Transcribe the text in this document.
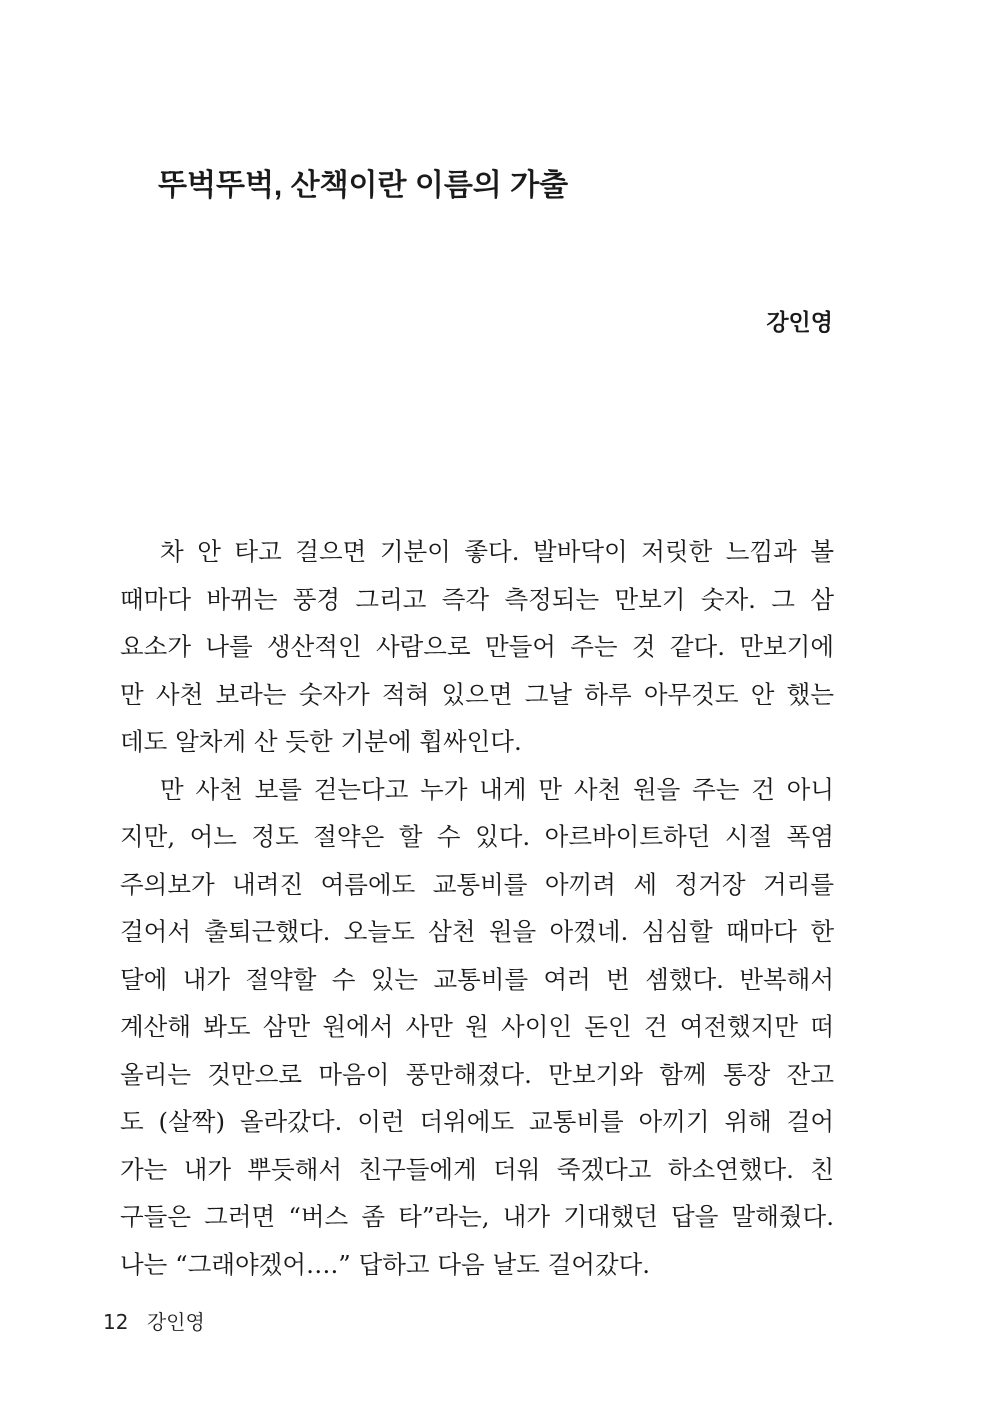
뚜벅뚜벅, 산책이란 이름의 가출
강인영
차 안 타고 걸으면 기분이 좋다. 발바닥이 저릿한 느낌과 볼
때마다 바뀌는 풍경 그리고 즉각 측정되는 만보기 숫자. 그 삼
요소가 나를 생산적인 사람으로 만들어 주는 것 같다. 만보기에
만 사천 보라는 숫자가 적혀 있으면 그날 하루 아무것도 안 했는
데도 알차게 산 듯한 기분에 휩싸인다.
만 사천 보를 걷는다고 누가 내게 만 사천 원을 주는 건 아니
지만, 어느 정도 절약은 할 수 있다. 아르바이트하던 시절 폭염
주의보가 내려진 여름에도 교통비를 아끼려 세 정거장 거리를
걸어서 출퇴근했다. 오늘도 삼천 원을 아꼈네. 심심할 때마다 한
달에 내가 절약할 수 있는 교통비를 여러 번 셈했다. 반복해서
계산해 봐도 삼만 원에서 사만 원 사이인 돈인 건 여전했지만 떠
올리는 것만으로 마음이 풍만해졌다. 만보기와 함께 통장 잔고
도 (살짝) 올라갔다. 이런 더위에도 교통비를 아끼기 위해 걸어
가는 내가 뿌듯해서 친구들에게 더워 죽겠다고 하소연했다. 친
구들은 그러면 “버스 좀 타”라는, 내가 기대했던 답을 말해줬다.
나는 “그래야겠어….” 답하고 다음 날도 걸어갔다.
12 강인영
